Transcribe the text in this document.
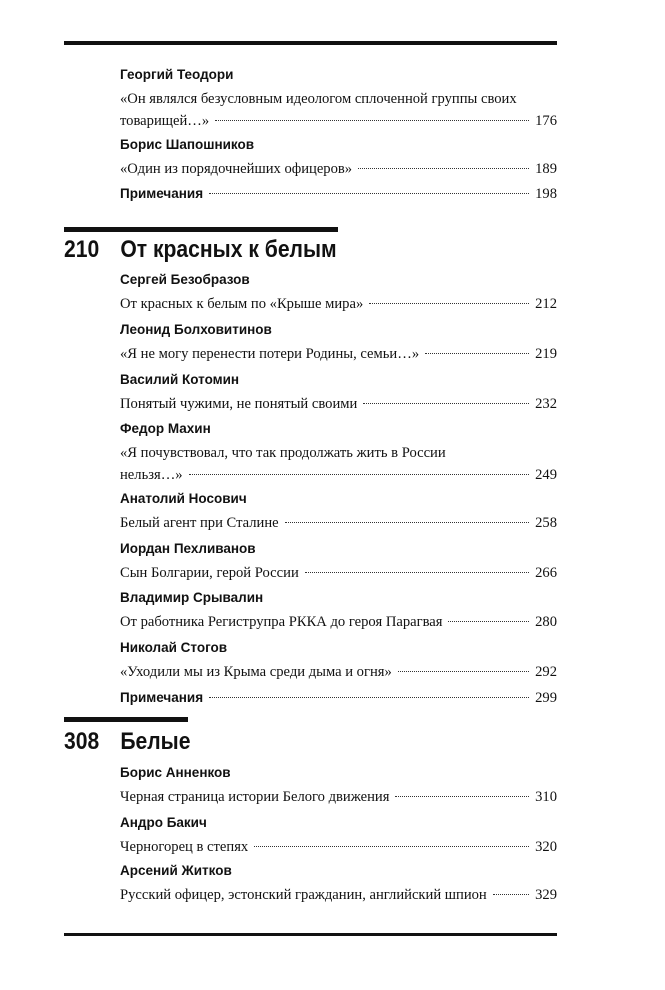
Георгий Теодори
«Он являлся безусловным идеологом сплоченной группы своих
товарищей…»	176
Борис Шапошников
«Один из порядочнейших офицеров»	189
Примечания	198
210 От красных к белым
Сергей Безобразов
От красных к белым по «Крыше мира»	212
Леонид Болховитинов
«Я не могу перенести потери Родины, семьи…»	219
Василий Котомин
Понятый чужими, не понятый своими	232
Федор Махин
«Я почувствовал, что так продолжать жить в России
нельзя…»	249
Анатолий Носович
Белый агент при Сталине	258
Иордан Пехливанов
Сын Болгарии, герой России	266
Владимир Срывалин
От работника Региструпра РККА до героя Парагвая	280
Николай Стогов
«Уходили мы из Крыма среди дыма и огня»	292
Примечания	299
308 Белые
Борис Анненков
Черная страница истории Белого движения	310
Андро Бакич
Черногорец в степях	320
Арсений Житков
Русский офицер, эстонский гражданин, английский шпион	329
